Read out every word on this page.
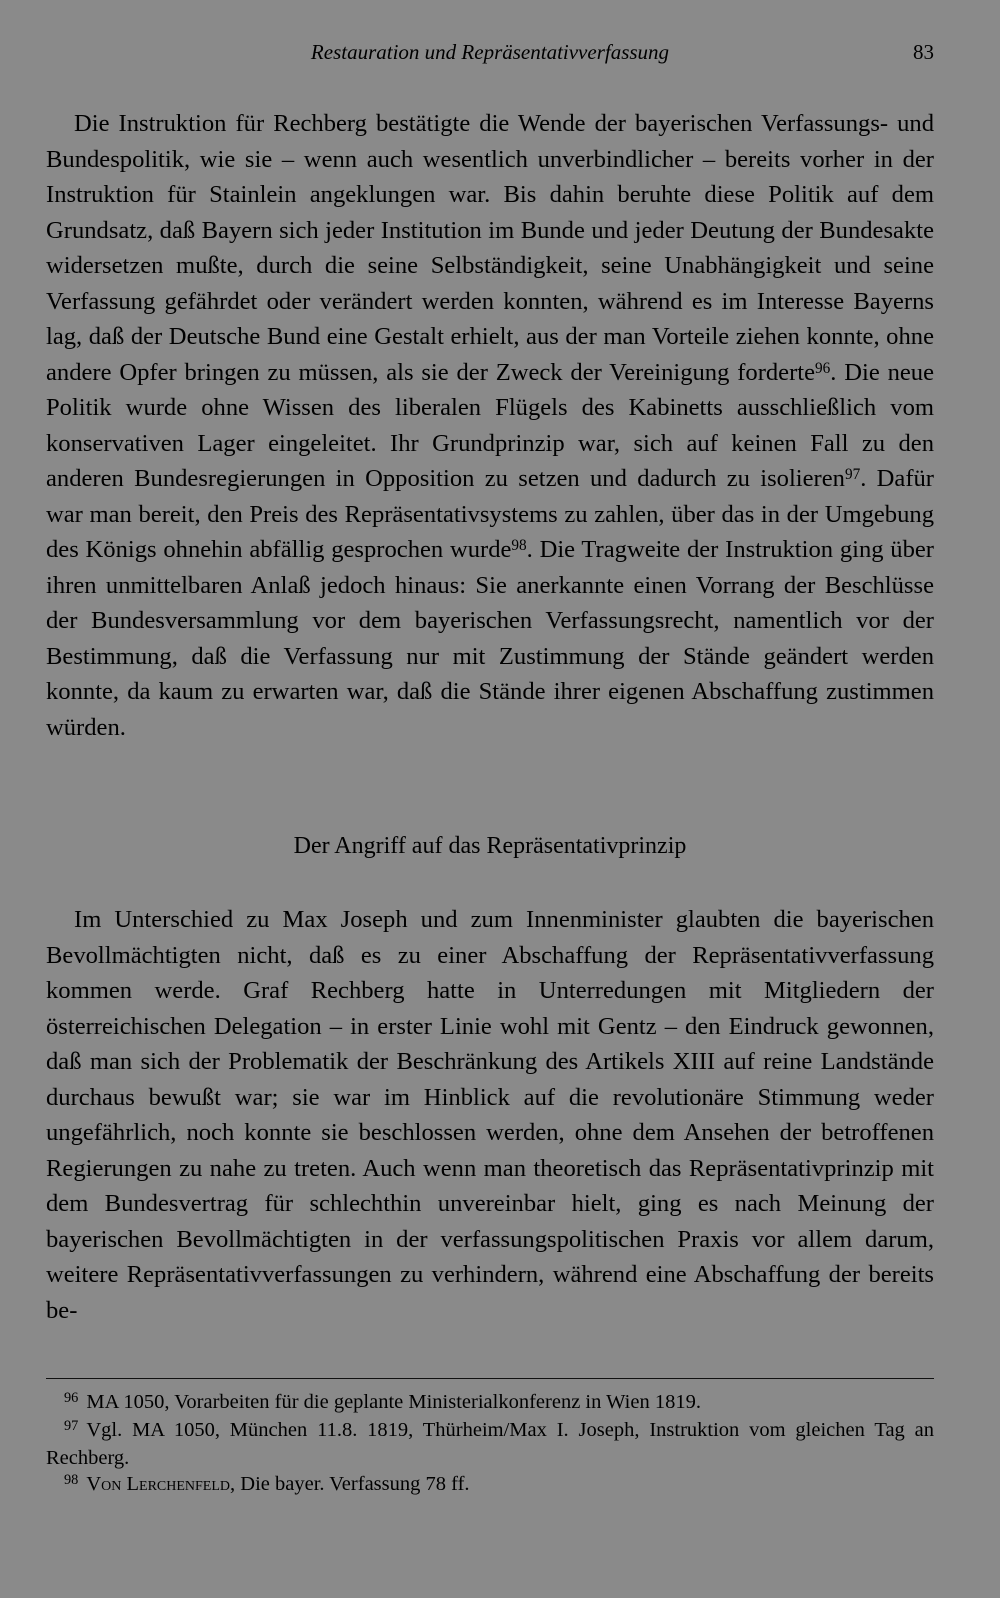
Restauration und Repräsentativverfassung	83

Die Instruktion für Rechberg bestätigte die Wende der bayerischen Verfassungs- und Bundespolitik, wie sie – wenn auch wesentlich unverbindlicher – bereits vorher in der Instruktion für Stainlein angeklungen war. Bis dahin beruhte diese Politik auf dem Grundsatz, daß Bayern sich jeder Institution im Bunde und jeder Deutung der Bundesakte widersetzen mußte, durch die seine Selbständigkeit, seine Unabhängigkeit und seine Verfassung gefährdet oder verändert werden konnten, während es im Interesse Bayerns lag, daß der Deutsche Bund eine Gestalt erhielt, aus der man Vorteile ziehen konnte, ohne andere Opfer bringen zu müssen, als sie der Zweck der Vereinigung forderte$^{96}$. Die neue Politik wurde ohne Wissen des liberalen Flügels des Kabinetts ausschließlich vom konservativen Lager eingeleitet. Ihr Grundprinzip war, sich auf keinen Fall zu den anderen Bundesregierungen in Opposition zu setzen und dadurch zu isolieren$^{97}$. Dafür war man bereit, den Preis des Repräsentativsystems zu zahlen, über das in der Umgebung des Königs ohnehin abfällig gesprochen wurde$^{98}$. Die Tragweite der Instruktion ging über ihren unmittelbaren Anlaß jedoch hinaus: Sie anerkannte einen Vorrang der Beschlüsse der Bundesversammlung vor dem bayerischen Verfassungsrecht, namentlich vor der Bestimmung, daß die Verfassung nur mit Zustimmung der Stände geändert werden konnte, da kaum zu erwarten war, daß die Stände ihrer eigenen Abschaffung zustimmen würden.

Der Angriff auf das Repräsentativprinzip

Im Unterschied zu Max Joseph und zum Innenminister glaubten die bayerischen Bevollmächtigten nicht, daß es zu einer Abschaffung der Repräsentativverfassung kommen werde. Graf Rechberg hatte in Unterredungen mit Mitgliedern der österreichischen Delegation – in erster Linie wohl mit Gentz – den Eindruck gewonnen, daß man sich der Problematik der Beschränkung des Artikels XIII auf reine Landstände durchaus bewußt war; sie war im Hinblick auf die revolutionäre Stimmung weder ungefährlich, noch konnte sie beschlossen werden, ohne dem Ansehen der betroffenen Regierungen zu nahe zu treten. Auch wenn man theoretisch das Repräsentativprinzip mit dem Bundesvertrag für schlechthin unvereinbar hielt, ging es nach Meinung der bayerischen Bevollmächtigten in der verfassungspolitischen Praxis vor allem darum, weitere Repräsentativverfassungen zu verhindern, während eine Abschaffung der bereits be-

$^{96}$ MA 1050, Vorarbeiten für die geplante Ministerialkonferenz in Wien 1819.

$^{97}$ Vgl. MA 1050, München 11.8. 1819, Thürheim/Max I. Joseph, Instruktion vom gleichen Tag an Rechberg.

$^{98}$ Von Lerchenfeld, Die bayer. Verfassung 78 ff.
